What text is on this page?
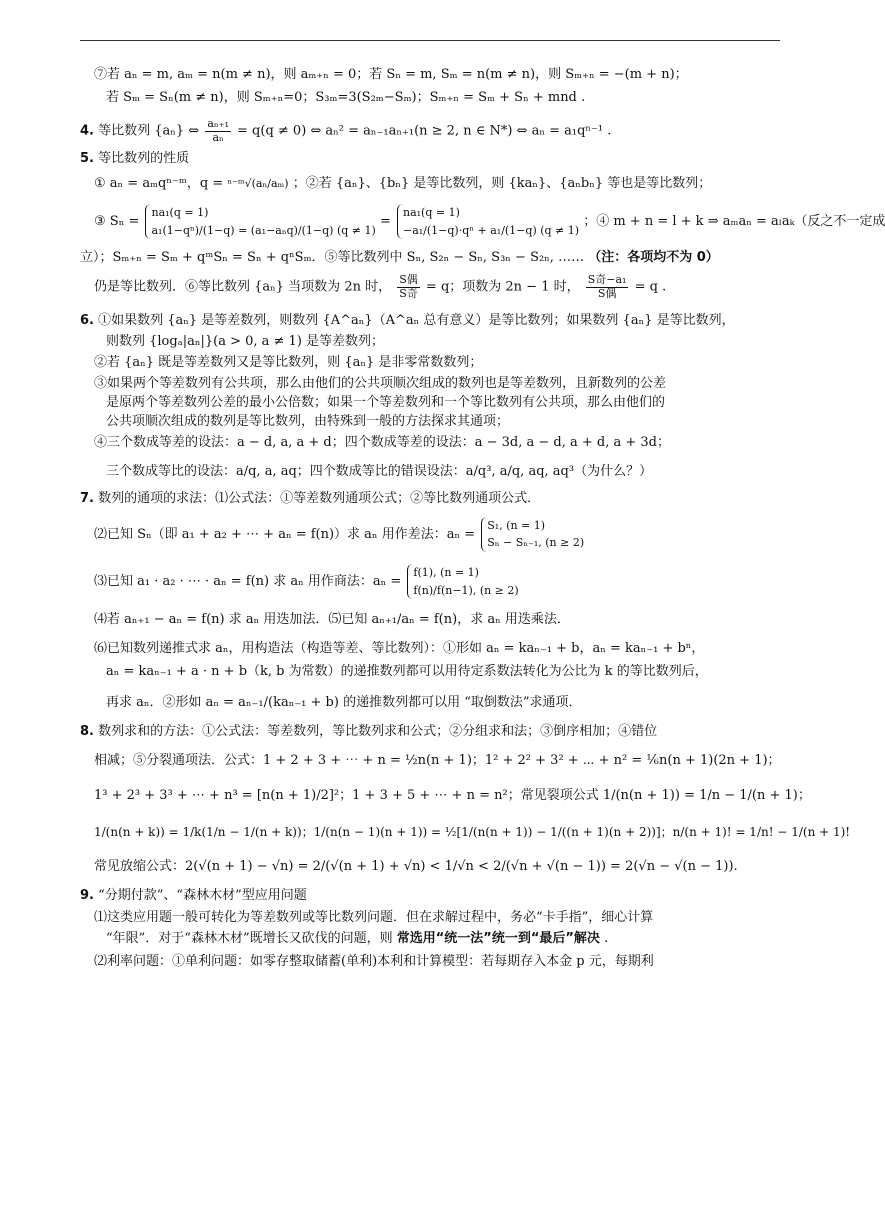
⑦若 aₙ = m, aₘ = n(m ≠ n)，则 aₘ₊ₙ = 0；若 Sₙ = m, Sₘ = n(m ≠ n)，则 Sₘ₊ₙ = −(m + n)；
若 Sₘ = Sₙ(m ≠ n)，则 Sₘ₊ₙ=0；S₃ₘ=3(S₂ₘ−Sₘ)；Sₘ₊ₙ = Sₘ + Sₙ + mnd .
4. 等比数列 {aₙ} ⇔ $\frac{\text{aₙ₊₁}}{\text{aₙ}} = q(q \ne 0)$ ⇔ aₙ² = aₙ₋₁aₙ₊₁(n ≥ 2, n ∈ N*) ⇔ aₙ = a₁qⁿ⁻¹ .
5. 等比数列的性质
① aₙ = aₘqⁿ⁻ᵐ，q = ⁿ⁻ᵐ√(aₙ/aₘ) ；②若 {aₙ}、{bₙ} 是等比数列，则 {kaₙ}、{aₙbₙ} 等也是等比数列；
③ Sₙ =
na₁(q = 1)
a₁(1−qⁿ)/(1−q) = (a₁−aₙq)/(1−q) (q ≠ 1)
=
na₁(q = 1)
−a₁/(1−q)·qⁿ + a₁/(1−q) (q ≠ 1)
；④ m + n = l + k ⇒ aₘaₙ = aₗaₖ（反之不一定成
立）；Sₘ₊ₙ = Sₘ + qᵐSₙ = Sₙ + qⁿSₘ．⑤等比数列中 Sₙ, S₂ₙ − Sₙ, S₃ₙ − S₂ₙ, …… （注：各项均不为 0）
仍是等比数列．⑥等比数列 {aₙ} 当项数为 2n 时， $\frac{\text{S偶}}{\text{S奇}} = q$；项数为 2n − 1 时， $\frac{\text{S奇−a₁}}{\text{S偶}} = q$ .
6. ①如果数列 {aₙ} 是等差数列，则数列 {A^aₙ}（A^aₙ 总有意义）是等比数列；如果数列 {aₙ} 是等比数列，
则数列 {logₐ|aₙ|}(a > 0, a ≠ 1) 是等差数列；
②若 {aₙ} 既是等差数列又是等比数列，则 {aₙ} 是非零常数数列；
③如果两个等差数列有公共项，那么由他们的公共项顺次组成的数列也是等差数列，且新数列的公差
是原两个等差数列公差的最小公倍数；如果一个等差数列和一个等比数列有公共项，那么由他们的
公共项顺次组成的数列是等比数列，由特殊到一般的方法探求其通项；
④三个数成等差的设法：a − d, a, a + d；四个数成等差的设法：a − 3d, a − d, a + d, a + 3d；
三个数成等比的设法：a/q, a, aq；四个数成等比的错误设法：a/q³, a/q, aq, aq³（为什么？）
7. 数列的通项的求法：⑴公式法：①等差数列通项公式；②等比数列通项公式．
⑵已知 Sₙ（即 a₁ + a₂ + ⋯ + aₙ = f(n)）求 aₙ 用作差法：aₙ =
S₁, (n = 1)
Sₙ − Sₙ₋₁, (n ≥ 2)
⑶已知 a₁ · a₂ · ⋯ · aₙ = f(n) 求 aₙ 用作商法：aₙ =
f(1), (n = 1)
f(n)/f(n−1), (n ≥ 2)
⑷若 aₙ₊₁ − aₙ = f(n) 求 aₙ 用迭加法．⑸已知 aₙ₊₁/aₙ = f(n)，求 aₙ 用迭乘法．
⑹已知数列递推式求 aₙ，用构造法（构造等差、等比数列）：①形如 aₙ = kaₙ₋₁ + b，aₙ = kaₙ₋₁ + bⁿ，
aₙ = kaₙ₋₁ + a · n + b（k, b 为常数）的递推数列都可以用待定系数法转化为公比为 k 的等比数列后，
再求 aₙ．②形如 aₙ = aₙ₋₁/(kaₙ₋₁ + b) 的递推数列都可以用 “取倒数法”求通项．
8. 数列求和的方法：①公式法：等差数列，等比数列求和公式；②分组求和法；③倒序相加；④错位
相减；⑤分裂通项法．公式：1 + 2 + 3 + ⋯ + n = ½n(n + 1)；1² + 2² + 3² + ⋯ + n² = ⅙n(n + 1)(2n + 1)；
1³ + 2³ + 3³ + ⋯ + n³ = [n(n + 1)/2]²；1 + 3 + 5 + ⋯ + n = n²；常见裂项公式 1/(n(n + 1)) = 1/n − 1/(n + 1)；
1/(n(n + k)) = 1/k(1/n − 1/(n + k))；1/(n(n − 1)(n + 1)) = ½[1/(n(n + 1)) − 1/((n + 1)(n + 2))]；n/(n + 1)! = 1/n! − 1/(n + 1)!
常见放缩公式：2(√(n + 1) − √n) = 2/(√(n + 1) + √n) < 1/√n < 2/(√n + √(n − 1)) = 2(√n − √(n − 1)).
9. “分期付款”、“森林木材”型应用问题
⑴这类应用题一般可转化为等差数列或等比数列问题．但在求解过程中，务必“卡手指”，细心计算
“年限”．对于“森林木材”既增长又砍伐的问题，则 常选用“统一法”统一到“最后”解决 .
⑵利率问题：①单利问题：如零存整取储蓄(单利)本利和计算模型：若每期存入本金 p 元，每期利
